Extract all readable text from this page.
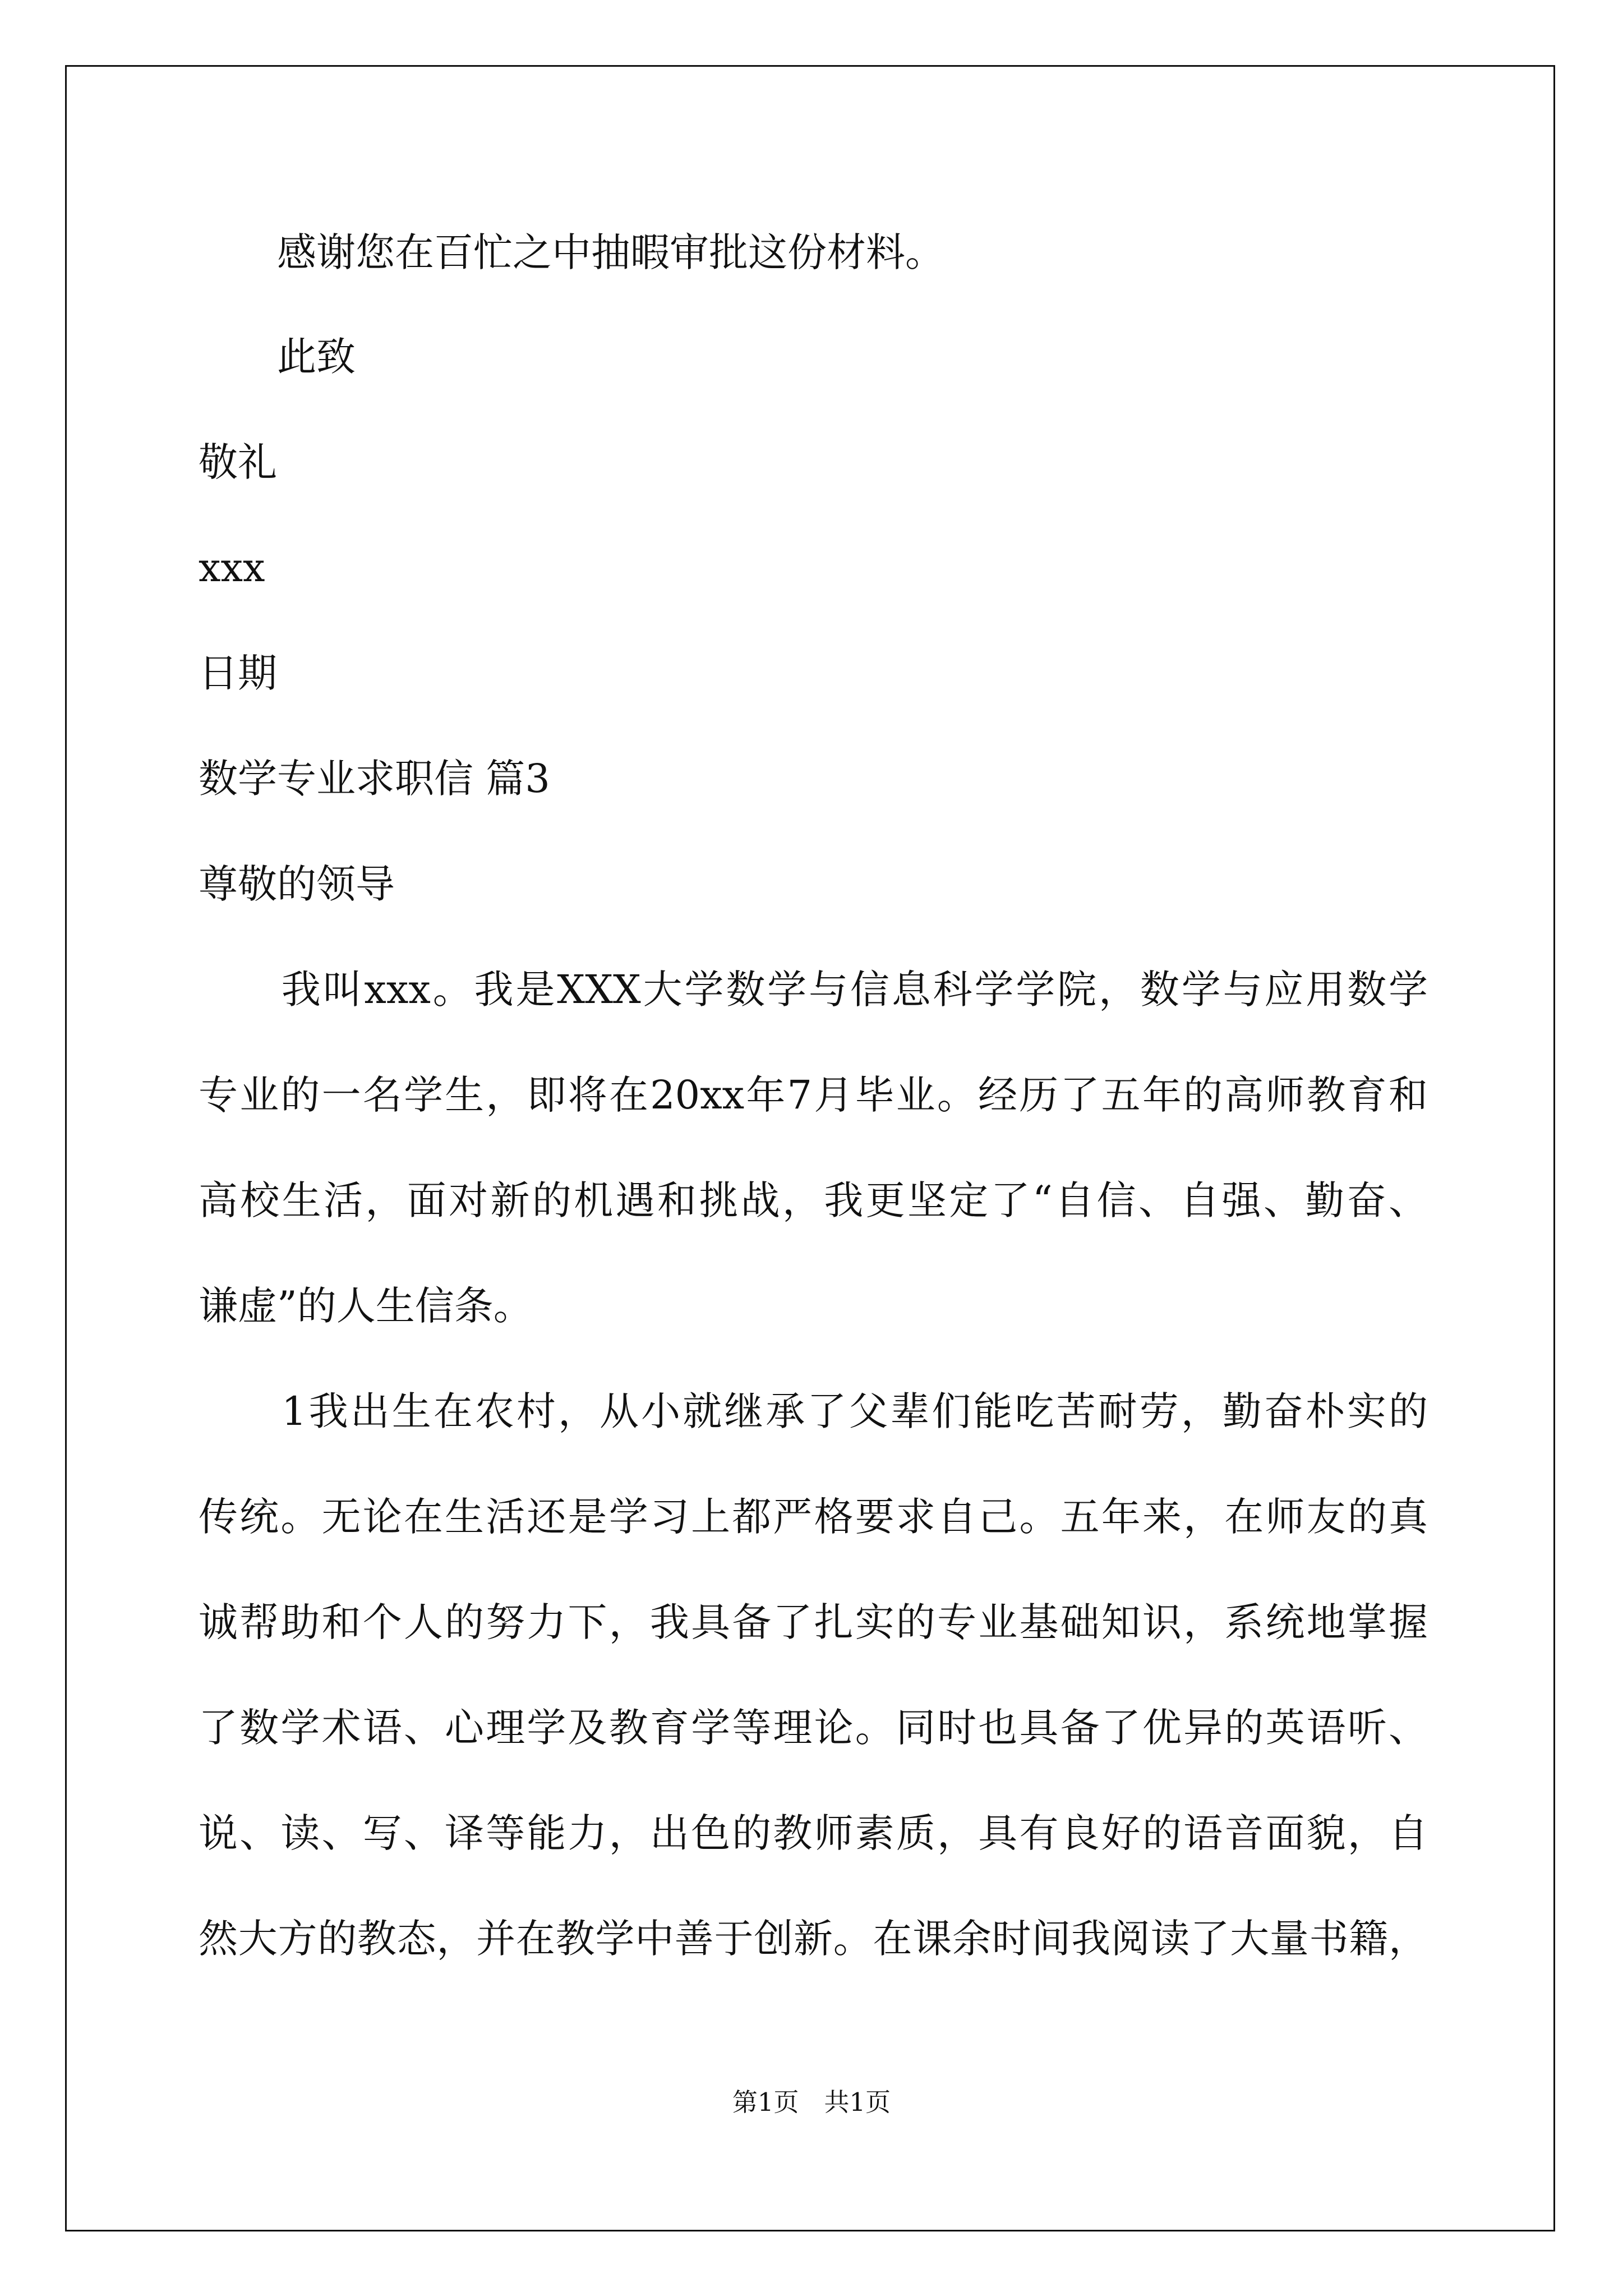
　　感谢您在百忙之中抽暇审批这份材料。

　　此致

敬礼

xxx

日期

数学专业求职信 篇3

尊敬的领导

　　我叫xxx。我是XXX大学数学与信息科学学院，数学与应用数学

专业的一名学生，即将在20xx年7月毕业。经历了五年的高师教育和

高校生活，面对新的机遇和挑战，我更坚定了“自信、自强、勤奋、

谦虚”的人生信条。

　　1我出生在农村，从小就继承了父辈们能吃苦耐劳，勤奋朴实的

传统。无论在生活还是学习上都严格要求自己。五年来，在师友的真

诚帮助和个人的努力下，我具备了扎实的专业基础知识，系统地掌握

了数学术语、心理学及教育学等理论。同时也具备了优异的英语听、

说、读、写、译等能力，出色的教师素质，具有良好的语音面貌，自

然大方的教态，并在教学中善于创新。在课余时间我阅读了大量书籍，

第1页　共1页
